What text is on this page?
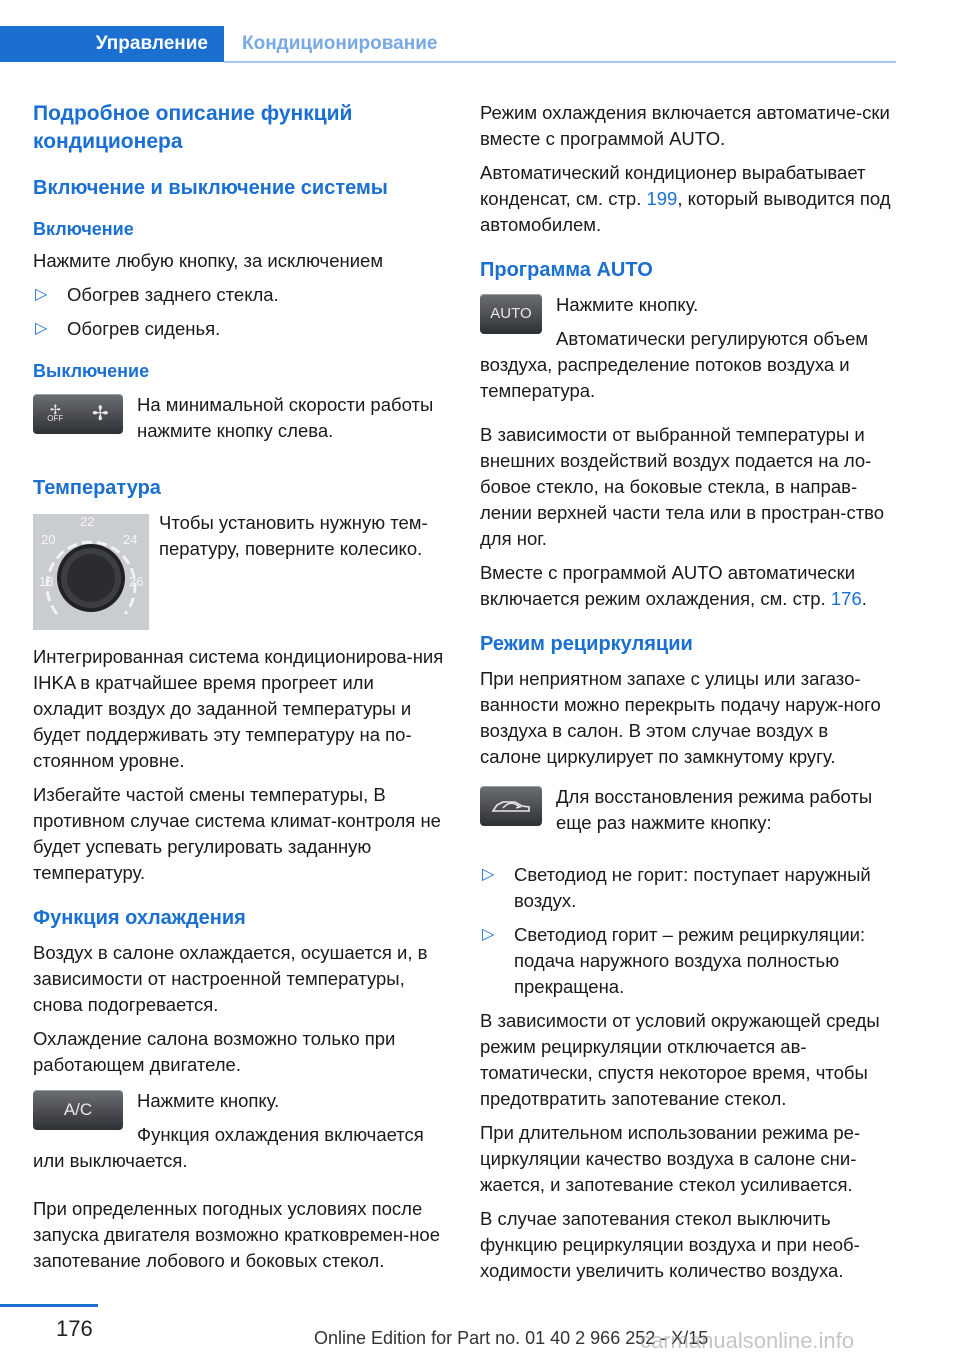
Управление Кондиционирование
Подробное описание функций кондиционера
Включение и выключение системы
Включение

Нажмите любую кнопку, за исключением

▷ Обогрев заднего стекла.
▷ Обогрев сиденья.
Выключение
✢
OFF ✢	На минимальной скорости работы нажмите кнопку слева.

Температура
18
20
22
24
26

Чтобы установить нужную тем-пературу, поверните колесико.

Интегрированная система кондиционирова-ния IHKA в кратчайшее время прогреет или охладит воздух до заданной температуры и будет поддерживать эту температуру на по-стоянном уровне.

Избегайте частой смены температуры, В противном случае система климат-контроля не будет успевать регулировать заданную температуру.

Функция охлаждения

Воздух в салоне охлаждается, осушается и, в зависимости от настроенной температуры, снова подогревается.

Охлаждение салона возможно только при работающем двигателе.

A/C	Нажмите кнопку.

Функция охлаждения включается или выключается.

При определенных погодных условиях после запуска двигателя возможно кратковремен-ное запотевание лобового и боковых стекол.

Режим охлаждения включается автоматиче-ски вместе с программой AUTO.

Автоматический кондиционер вырабатывает конденсат, см. стр. 199, который выводится под автомобилем.

Программа AUTO
AUTO	Нажмите кнопку.

Автоматически регулируются объем воздуха, распределение потоков воздуха и температура.

В зависимости от выбранной температуры и внешних воздействий воздух подается на ло-бовое стекло, на боковые стекла, в направ-лении верхней части тела или в простран-ство для ног.

Вместе с программой AUTO автоматически включается режим охлаждения, см. стр. 176.

Режим рециркуляции

При неприятном запахе с улицы или загазо-ванности можно перекрыть подачу наруж-ного воздуха в салон. В этом случае воздух в салоне циркулирует по замкнутому кругу.

Для восстановления режима работы еще раз нажмите кнопку:

▷ Светодиод не горит: поступает наружный воздух.
▷ Светодиод горит – режим рециркуляции: подача наружного воздуха полностью прекращена.

В зависимости от условий окружающей среды режим рециркуляции отключается ав-томатически, спустя некоторое время, чтобы предотвратить запотевание стекол.

При длительном использовании режима ре-циркуляции качество воздуха в салоне сни-жается, и запотевание стекол усиливается.

В случае запотевания стекол выключить функцию рециркуляции воздуха и при необ-ходимости увеличить количество воздуха.

176	Online Edition for Part no. 01 40 2 966 252 - X/15
carmanualsonline.info
